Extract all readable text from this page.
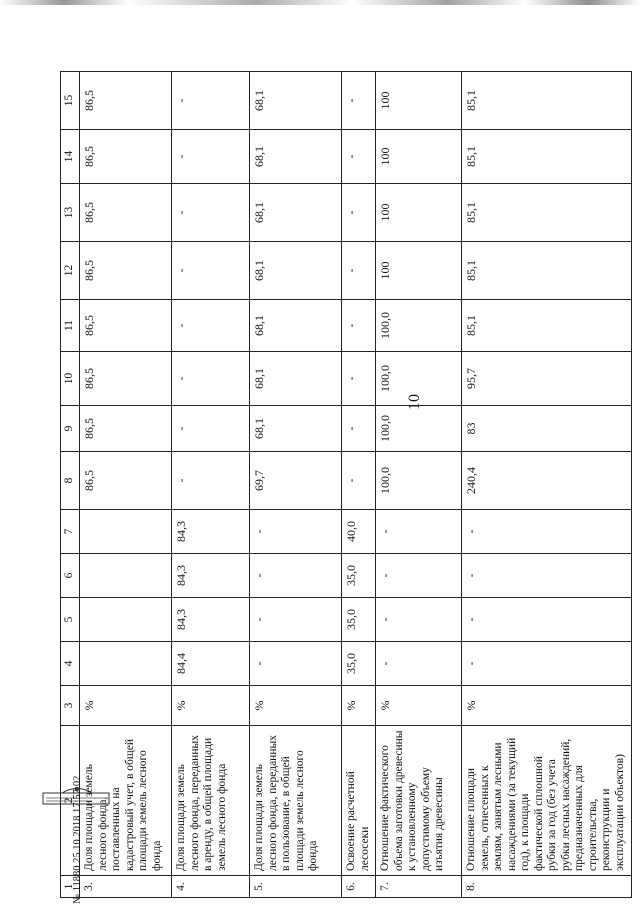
10
1	2	3	4	5	6	7	8	9	10	11	12	13	14	15
3.	Доля площади земель лесного фонда, поставленных на кадастровый учет, в общей площади земель лесного фонда	%					86,5	86,5	86,5	86,5	86,5	86,5	86,5	86,5
4.	Доля площади земель лесного фонда, переданных в аренду, в общей площади земель лесного фонда	%	84,4	84,3	84,3	84,3	-	-	-	-	-	-	-	-
5.	Доля площади земель лесного фонда, переданных в пользование, в общей площади земель лесного фонда	%	-	-	-	-	69,7	68,1	68,1	68,1	68,1	68,1	68,1	68,1
6.	Освоение расчетной лесосеки	%	35,0	35,0	35,0	40,0	-	-	-	-	-	-	-	-
7.	Отношение фактического объема заготовки древесины к установленному допустимому объему изъятия древесины	%	-	-	-	-	100,0	100,0	100,0	100,0	100	100	100	100
8.	Отношение площади земель, отнесенных к землям, занятым лесными насаждениями (за текущий год), к площади фактической сплошной рубки за год (без учета рубки лесных насаждений, предназначенных для строительства, реконструкции и эксплуатации объектов)	%	-	-	-	-	240,4	83	95,7	85,1	85,1	85,1	85,1	85,1
№ 11880 25.10.2018 17:57:02
